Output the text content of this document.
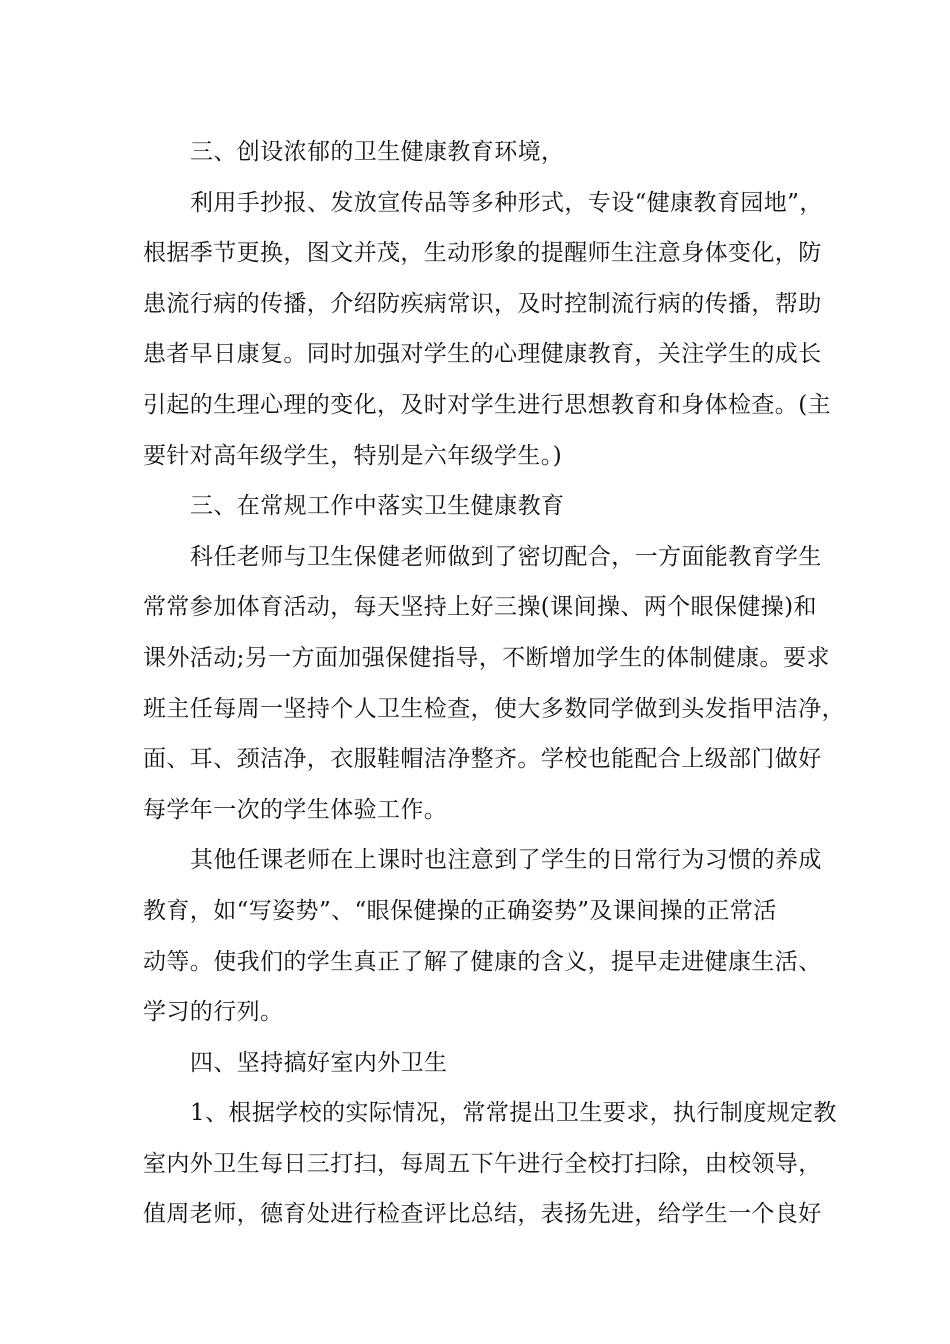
三、创设浓郁的卫生健康教育环境，
利用手抄报、发放宣传品等多种形式，专设“健康教育园地”，
根据季节更换，图文并茂，生动形象的提醒师生注意身体变化，防
患流行病的传播，介绍防疾病常识，及时控制流行病的传播，帮助
患者早日康复。同时加强对学生的心理健康教育，关注学生的成长
引起的生理心理的变化，及时对学生进行思想教育和身体检查。(主
要针对高年级学生，特别是六年级学生。)
三、在常规工作中落实卫生健康教育
科任老师与卫生保健老师做到了密切配合，一方面能教育学生
常常参加体育活动，每天坚持上好三操(课间操、两个眼保健操)和
课外活动;另一方面加强保健指导，不断增加学生的体制健康。要求
班主任每周一坚持个人卫生检查，使大多数同学做到头发指甲洁净，
面、耳、颈洁净，衣服鞋帽洁净整齐。学校也能配合上级部门做好
每学年一次的学生体验工作。
其他任课老师在上课时也注意到了学生的日常行为习惯的养成
教育，如“写姿势”、“眼保健操的正确姿势”及课间操的正常活
动等。使我们的学生真正了解了健康的含义，提早走进健康生活、
学习的行列。
四、坚持搞好室内外卫生
1、根据学校的实际情况，常常提出卫生要求，执行制度规定教
室内外卫生每日三打扫，每周五下午进行全校打扫除，由校领导，
值周老师，德育处进行检查评比总结，表扬先进，给学生一个良好
